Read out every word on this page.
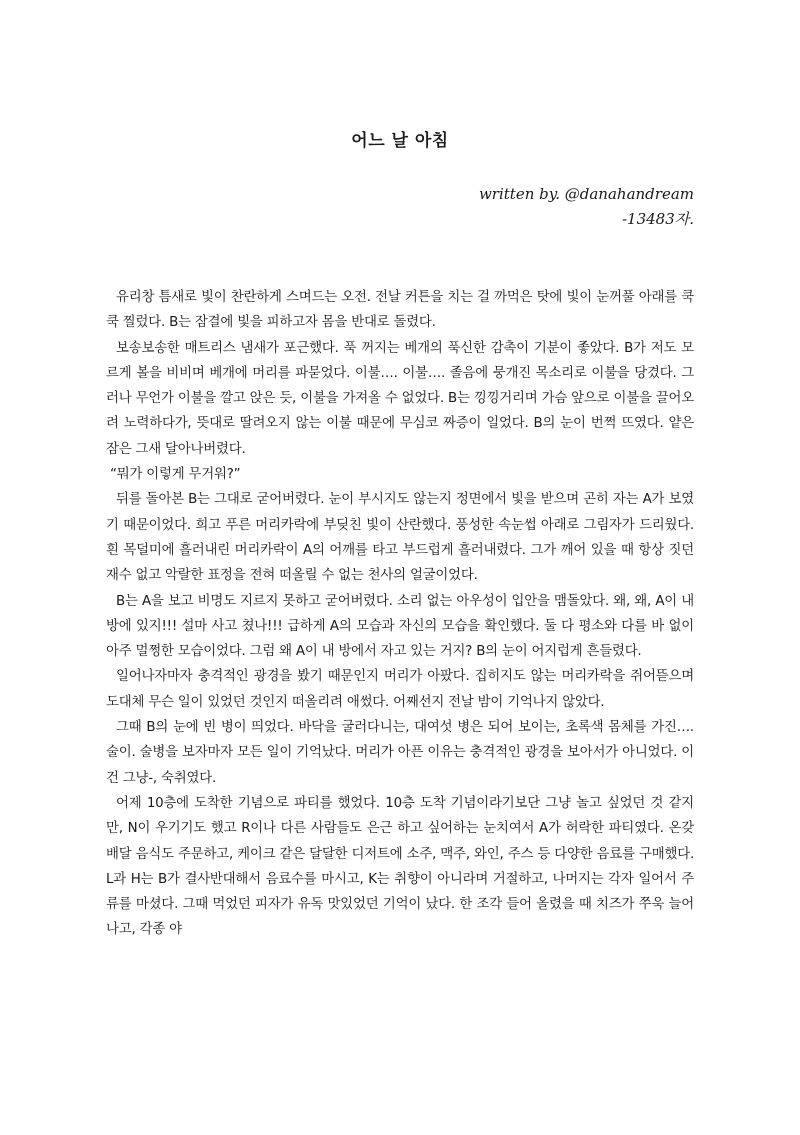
어느 날 아침
written by. @danahandream
-13483자.

유리창 틈새로 빛이 찬란하게 스며드는 오전. 전날 커튼을 치는 걸 까먹은 탓에 빛이 눈꺼풀 아래를 쿡쿡 찔렀다. B는 잠결에 빛을 피하고자 몸을 반대로 돌렸다.

보송보송한 매트리스 냄새가 포근했다. 푹 꺼지는 베개의 푹신한 감촉이 기분이 좋았다. B가 저도 모르게 볼을 비비며 베개에 머리를 파묻었다. 이불…. 이불…. 졸음에 뭉개진 목소리로 이불을 당겼다. 그러나 무언가 이불을 깔고 앉은 듯, 이불을 가져올 수 없었다. B는 낑낑거리며 가슴 앞으로 이불을 끌어오려 노력하다가, 뜻대로 딸려오지 않는 이불 때문에 무심코 짜증이 일었다. B의 눈이 번쩍 뜨였다. 얕은 잠은 그새 달아나버렸다.

“뭐가 이렇게 무거워?”

뒤를 돌아본 B는 그대로 굳어버렸다. 눈이 부시지도 않는지 정면에서 빛을 받으며 곤히 자는 A가 보였기 때문이었다. 희고 푸른 머리카락에 부딪친 빛이 산란했다. 풍성한 속눈썹 아래로 그림자가 드리웠다. 흰 목덜미에 흘러내린 머리카락이 A의 어깨를 타고 부드럽게 흘러내렸다. 그가 깨어 있을 때 항상 짓던 재수 없고 악랄한 표정을 전혀 떠올릴 수 없는 천사의 얼굴이었다.

B는 A을 보고 비명도 지르지 못하고 굳어버렸다. 소리 없는 아우성이 입안을 맴돌았다. 왜, 왜, A이 내 방에 있지!!! 설마 사고 쳤나!!! 급하게 A의 모습과 자신의 모습을 확인했다. 둘 다 평소와 다를 바 없이 아주 멀쩡한 모습이었다. 그럼 왜 A이 내 방에서 자고 있는 거지? B의 눈이 어지럽게 흔들렸다.

일어나자마자 충격적인 광경을 봤기 때문인지 머리가 아팠다. 집히지도 않는 머리카락을 쥐어뜯으며 도대체 무슨 일이 있었던 것인지 떠올리려 애썼다. 어째선지 전날 밤이 기억나지 않았다.

그때 B의 눈에 빈 병이 띄었다. 바닥을 굴러다니는, 대여섯 병은 되어 보이는, 초록색 몸체를 가진…. 술이. 술병을 보자마자 모든 일이 기억났다. 머리가 아픈 이유는 충격적인 광경을 보아서가 아니었다. 이건 그냥-, 숙취였다.

어제 10층에 도착한 기념으로 파티를 했었다. 10층 도착 기념이라기보단 그냥 놀고 싶었던 것 같지만, N이 우기기도 했고 R이나 다른 사람들도 은근 하고 싶어하는 눈치여서 A가 허락한 파티였다. 온갖 배달 음식도 주문하고, 케이크 같은 달달한 디저트에 소주, 맥주, 와인, 주스 등 다양한 음료를 구매했다. L과 H는 B가 결사반대해서 음료수를 마시고, K는 취향이 아니라며 거절하고, 나머지는 각자 일어서 주류를 마셨다. 그때 먹었던 피자가 유독 맛있었던 기억이 났다. 한 조각 들어 올렸을 때 치즈가 쭈욱 늘어나고, 각종 야
